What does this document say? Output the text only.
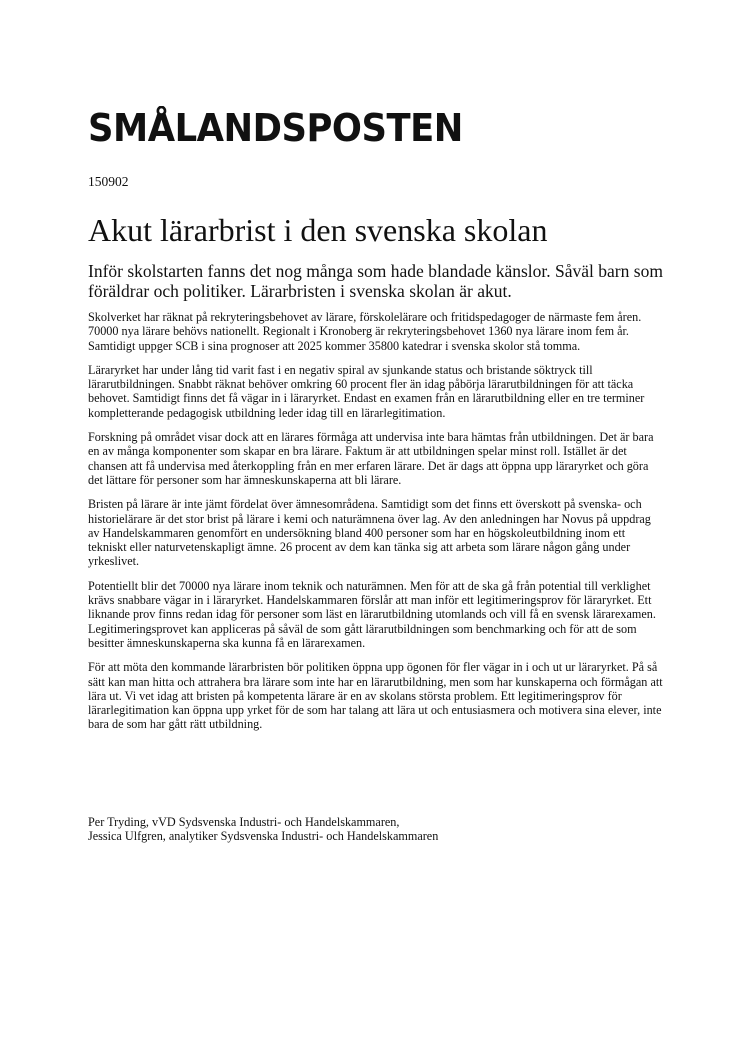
SMÅLANDSPOSTEN
150902
Akut lärarbrist i den svenska skolan
Inför skolstarten fanns det nog många som hade blandade känslor. Såväl barn som föräldrar och politiker. Lärarbristen i svenska skolan är akut.

Skolverket har räknat på rekryteringsbehovet av lärare, förskolelärare och fritidspedagoger de närmaste fem åren. 70000 nya lärare behövs nationellt. Regionalt i Kronoberg är rekryteringsbehovet 1360 nya lärare inom fem år. Samtidigt uppger SCB i sina prognoser att 2025 kommer 35800 katedrar i svenska skolor stå tomma.

Läraryrket har under lång tid varit fast i en negativ spiral av sjunkande status och bristande söktryck till lärarutbildningen. Snabbt räknat behöver omkring 60 procent fler än idag påbörja lärarutbildningen för att täcka behovet. Samtidigt finns det få vägar in i läraryrket. Endast en examen från en lärarutbildning eller en tre terminer kompletterande pedagogisk utbildning leder idag till en lärarlegitimation.

Forskning på området visar dock att en lärares förmåga att undervisa inte bara hämtas från utbildningen. Det är bara en av många komponenter som skapar en bra lärare. Faktum är att utbildningen spelar minst roll. Istället är det chansen att få undervisa med återkoppling från en mer erfaren lärare. Det är dags att öppna upp läraryrket och göra det lättare för personer som har ämneskunskaperna att bli lärare.

Bristen på lärare är inte jämt fördelat över ämnesområdena. Samtidigt som det finns ett överskott på svenska- och historielärare är det stor brist på lärare i kemi och naturämnena över lag. Av den anledningen har Novus på uppdrag av Handelskammaren genomfört en undersökning bland 400 personer som har en högskoleutbildning inom ett tekniskt eller naturvetenskapligt ämne. 26 procent av dem kan tänka sig att arbeta som lärare någon gång under yrkeslivet.

Potentiellt blir det 70000 nya lärare inom teknik och naturämnen. Men för att de ska gå från potential till verklighet krävs snabbare vägar in i läraryrket. Handelskammaren förslår att man inför ett legitimeringsprov för läraryrket. Ett liknande prov finns redan idag för personer som läst en lärarutbildning utomlands och vill få en svensk lärarexamen. Legitimeringsprovet kan appliceras på såväl de som gått lärarutbildningen som benchmarking och för att de som besitter ämneskunskaperna ska kunna få en lärarexamen.

För att möta den kommande lärarbristen bör politiken öppna upp ögonen för fler vägar in i och ut ur läraryrket. På så sätt kan man hitta och attrahera bra lärare som inte har en lärarutbildning, men som har kunskaperna och förmågan att lära ut. Vi vet idag att bristen på kompetenta lärare är en av skolans största problem. Ett legitimeringsprov för lärarlegitimation kan öppna upp yrket för de som har talang att lära ut och entusiasmera och motivera sina elever, inte bara de som har gått rätt utbildning.

Per Tryding, vVD Sydsvenska Industri- och Handelskammaren,
Jessica Ulfgren, analytiker Sydsvenska Industri- och Handelskammaren
